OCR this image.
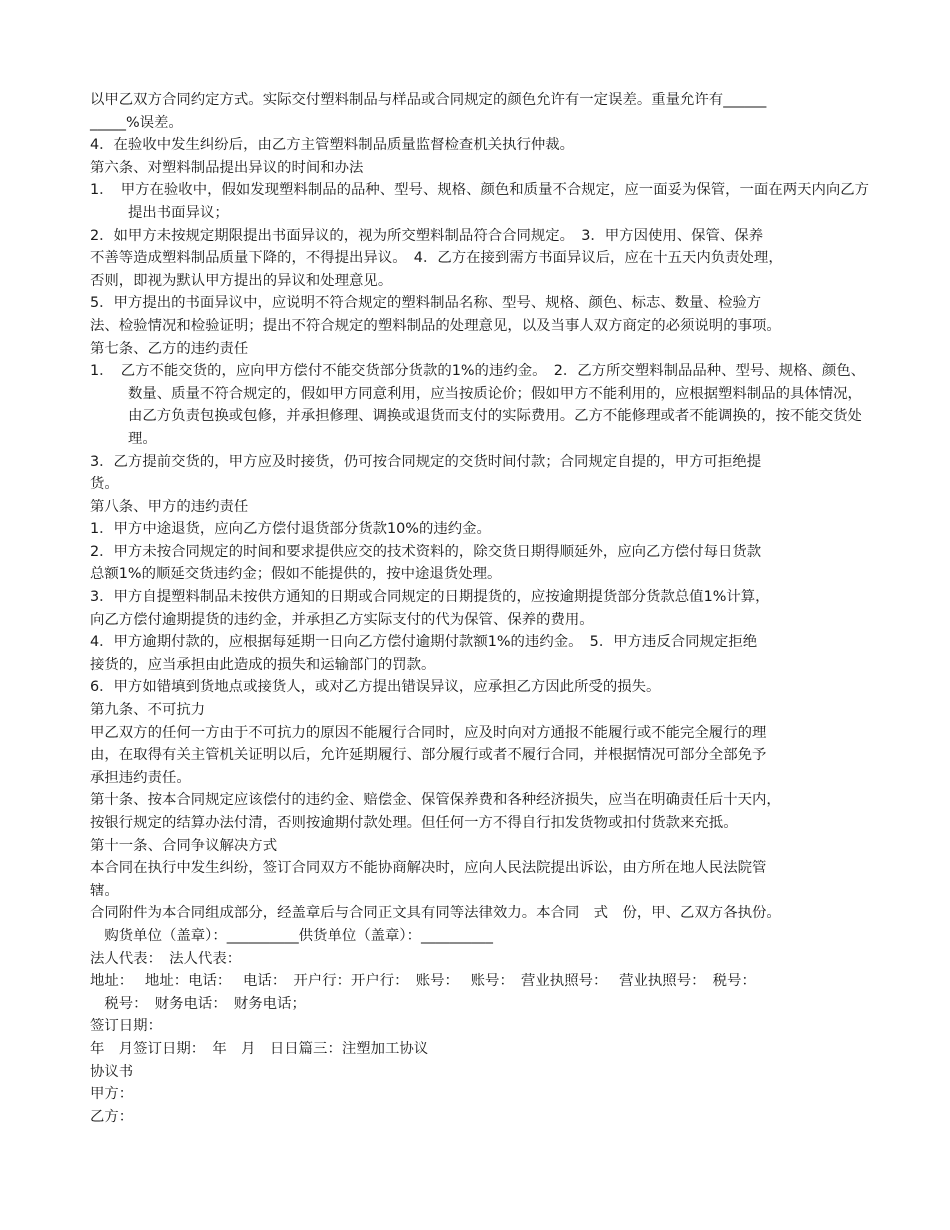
以甲乙双方合同约定方式。实际交付塑料制品与样品或合同规定的颜色允许有一定误差。重量允许有______

_____%误差。

4．在验收中发生纠纷后，由乙方主管塑料制品质量监督检查机关执行仲裁。

第六条、对塑料制品提出异议的时间和办法

1．　甲方在验收中，假如发现塑料制品的品种、型号、规格、颜色和质量不合规定，应一面妥为保管，一面在两天内向乙方提出书面异议；

2．如甲方未按规定期限提出书面异议的，视为所交塑料制品符合合同规定。　3．甲方因使用、保管、保养

不善等造成塑料制品质量下降的，不得提出异议。　4．乙方在接到需方书面异议后，应在十五天内负责处理，

否则，即视为默认甲方提出的异议和处理意见。

5．甲方提出的书面异议中，应说明不符合规定的塑料制品名称、型号、规格、颜色、标志、数量、检验方

法、检验情况和检验证明；提出不符合规定的塑料制品的处理意见，以及当事人双方商定的必须说明的事项。

第七条、乙方的违约责任

1．　乙方不能交货的，应向甲方偿付不能交货部分货款的1%的违约金。　2．乙方所交塑料制品品种、型号、规格、颜色、数量、质量不符合规定的，假如甲方同意利用，应当按质论价；假如甲方不能利用的，应根据塑料制品的具体情况，由乙方负责包换或包修，并承担修理、调换或退货而支付的实际费用。乙方不能修理或者不能调换的，按不能交货处理。

3．乙方提前交货的，甲方应及时接货，仍可按合同规定的交货时间付款；合同规定自提的，甲方可拒绝提

货。

第八条、甲方的违约责任

1．甲方中途退货，应向乙方偿付退货部分货款10%的违约金。

2．甲方未按合同规定的时间和要求提供应交的技术资料的，除交货日期得顺延外，应向乙方偿付每日货款

总额1%的顺延交货违约金；假如不能提供的，按中途退货处理。

3．甲方自提塑料制品未按供方通知的日期或合同规定的日期提货的，应按逾期提货部分货款总值1%计算，

向乙方偿付逾期提货的违约金，并承担乙方实际支付的代为保管、保养的费用。

4．甲方逾期付款的，应根据每延期一日向乙方偿付逾期付款额1%的违约金。　5．甲方违反合同规定拒绝

接货的，应当承担由此造成的损失和运输部门的罚款。

6．甲方如错填到货地点或接货人，或对乙方提出错误异议，应承担乙方因此所受的损失。

第九条、不可抗力

甲乙双方的任何一方由于不可抗力的原因不能履行合同时，应及时向对方通报不能履行或不能完全履行的理

由，在取得有关主管机关证明以后，允许延期履行、部分履行或者不履行合同，并根据情况可部分全部免予

承担违约责任。

第十条、按本合同规定应该偿付的违约金、赔偿金、保管保养费和各种经济损失，应当在明确责任后十天内，

按银行规定的结算办法付清，否则按逾期付款处理。但任何一方不得自行扣发货物或扣付货款来充抵。

第十一条、合同争议解决方式

本合同在执行中发生纠纷，签订合同双方不能协商解决时，应向人民法院提出诉讼，由方所在地人民法院管

辖。

合同附件为本合同组成部分，经盖章后与合同正文具有同等法律效力。本合同　式　份，甲、乙双方各执份。

　购货单位（盖章）：__________供货单位（盖章）：__________

法人代表：　法人代表：

地址：　 地址：电话：　 电话：　开户行：开户行：　账号：　 账号：　营业执照号：　 营业执照号：　税号：

　税号：　财务电话：　财务电话；

签订日期：

年　月签订日期：　年　月　日日篇三：注塑加工协议

协议书

甲方：

乙方：
